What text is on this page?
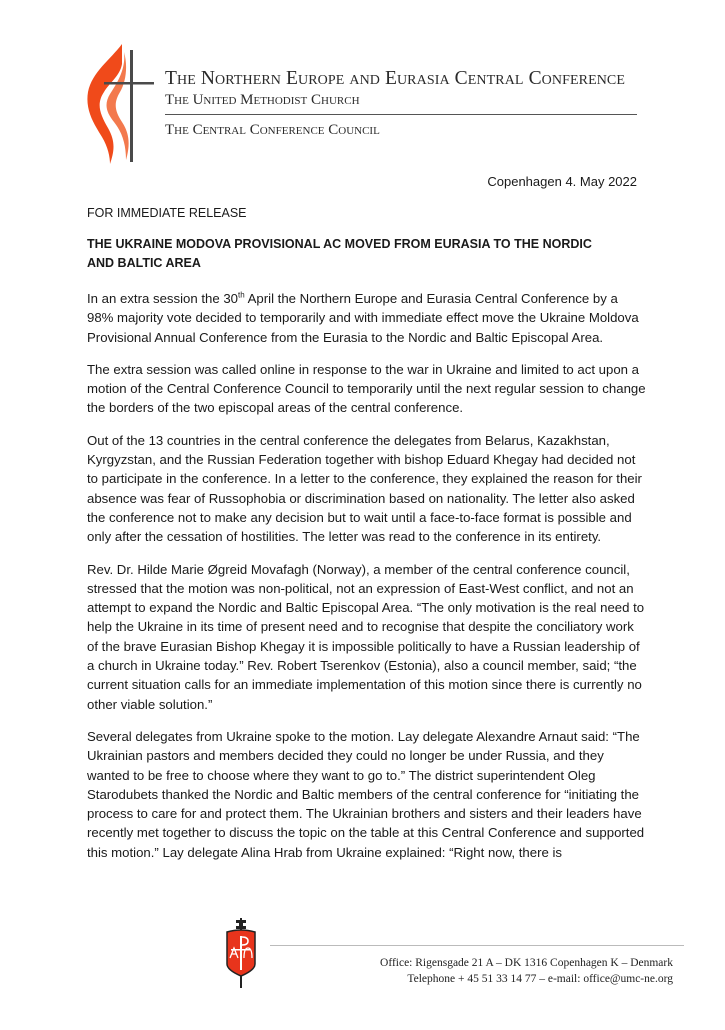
The Northern Europe and Eurasia Central Conference
The United Methodist Church
The Central Conference Council
Copenhagen 4. May 2022
FOR IMMEDIATE RELEASE
THE UKRAINE MODOVA PROVISIONAL AC MOVED FROM EURASIA TO THE NORDIC AND BALTIC AREA

In an extra session the 30th April the Northern Europe and Eurasia Central Conference by a 98% majority vote decided to temporarily and with immediate effect move the Ukraine Moldova Provisional Annual Conference from the Eurasia to the Nordic and Baltic Episcopal Area.

The extra session was called online in response to the war in Ukraine and limited to act upon a motion of the Central Conference Council to temporarily until the next regular session to change the borders of the two episcopal areas of the central conference.

Out of the 13 countries in the central conference the delegates from Belarus, Kazakhstan, Kyrgyzstan, and the Russian Federation together with bishop Eduard Khegay had decided not to participate in the conference. In a letter to the conference, they explained the reason for their absence was fear of Russophobia or discrimination based on nationality. The letter also asked the conference not to make any decision but to wait until a face-to-face format is possible and only after the cessation of hostilities. The letter was read to the conference in its entirety.

Rev. Dr. Hilde Marie Øgreid Movafagh (Norway), a member of the central conference council, stressed that the motion was non-political, not an expression of East-West conflict, and not an attempt to expand the Nordic and Baltic Episcopal Area. “The only motivation is the real need to help the Ukraine in its time of present need and to recognise that despite the conciliatory work of the brave Eurasian Bishop Khegay it is impossible politically to have a Russian leadership of a church in Ukraine today.” Rev. Robert Tserenkov (Estonia), also a council member, said; “the current situation calls for an immediate implementation of this motion since there is currently no other viable solution.”

Several delegates from Ukraine spoke to the motion. Lay delegate Alexandre Arnaut said: “The Ukrainian pastors and members decided they could no longer be under Russia, and they wanted to be free to choose where they want to go to.” The district superintendent Oleg Starodubets thanked the Nordic and Baltic members of the central conference for “initiating the process to care for and protect them. The Ukrainian brothers and sisters and their leaders have recently met together to discuss the topic on the table at this Central Conference and supported this motion.” Lay delegate Alina Hrab from Ukraine explained: “Right now, there is

Office: Rigensgade 21 A – DK 1316 Copenhagen K – Denmark
Telephone + 45 51 33 14 77 – e-mail: office@umc-ne.org
